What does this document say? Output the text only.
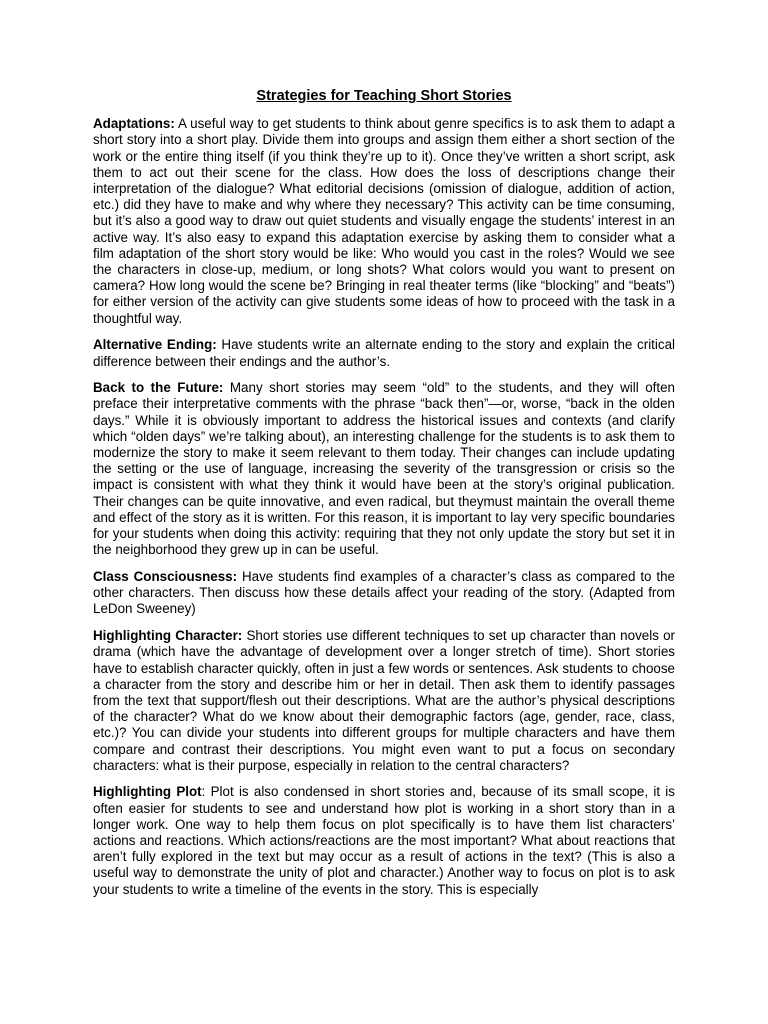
Strategies for Teaching Short Stories

Adaptations: A useful way to get students to think about genre specifics is to ask them to adapt a short story into a short play. Divide them into groups and assign them either a short section of the work or the entire thing itself (if you think they’re up to it). Once they’ve written a short script, ask them to act out their scene for the class. How does the loss of descriptions change their interpretation of the dialogue? What editorial decisions (omission of dialogue, addition of action, etc.) did they have to make and why where they necessary? This activity can be time consuming, but it’s also a good way to draw out quiet students and visually engage the students’ interest in an active way. It’s also easy to expand this adaptation exercise by asking them to consider what a film adaptation of the short story would be like: Who would you cast in the roles? Would we see the characters in close-up, medium, or long shots? What colors would you want to present on camera? How long would the scene be? Bringing in real theater terms (like “blocking” and “beats”) for either version of the activity can give students some ideas of how to proceed with the task in a thoughtful way.

Alternative Ending: Have students write an alternate ending to the story and explain the critical difference between their endings and the author’s.

Back to the Future: Many short stories may seem “old” to the students, and they will often preface their interpretative comments with the phrase “back then”—or, worse, “back in the olden days.” While it is obviously important to address the historical issues and contexts (and clarify which “olden days” we’re talking about), an interesting challenge for the students is to ask them to modernize the story to make it seem relevant to them today. Their changes can include updating the setting or the use of language, increasing the severity of the transgression or crisis so the impact is consistent with what they think it would have been at the story’s original publication. Their changes can be quite innovative, and even radical, but theymust maintain the overall theme and effect of the story as it is written. For this reason, it is important to lay very specific boundaries for your students when doing this activity: requiring that they not only update the story but set it in the neighborhood they grew up in can be useful.

Class Consciousness: Have students find examples of a character’s class as compared to the other characters. Then discuss how these details affect your reading of the story. (Adapted from LeDon Sweeney)

Highlighting Character: Short stories use different techniques to set up character than novels or drama (which have the advantage of development over a longer stretch of time). Short stories have to establish character quickly, often in just a few words or sentences. Ask students to choose a character from the story and describe him or her in detail. Then ask them to identify passages from the text that support/flesh out their descriptions. What are the author’s physical descriptions of the character? What do we know about their demographic factors (age, gender, race, class, etc.)? You can divide your students into different groups for multiple characters and have them compare and contrast their descriptions. You might even want to put a focus on secondary characters: what is their purpose, especially in relation to the central characters?

Highlighting Plot: Plot is also condensed in short stories and, because of its small scope, it is often easier for students to see and understand how plot is working in a short story than in a longer work. One way to help them focus on plot specifically is to have them list characters’ actions and reactions. Which actions/reactions are the most important? What about reactions that aren’t fully explored in the text but may occur as a result of actions in the text? (This is also a useful way to demonstrate the unity of plot and character.) Another way to focus on plot is to ask your students to write a timeline of the events in the story. This is especially
